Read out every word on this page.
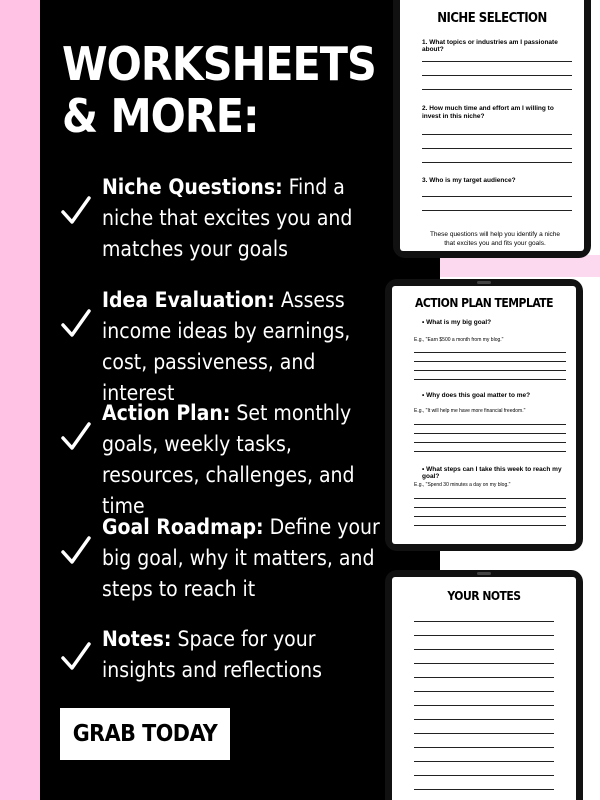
WORKSHEETS & MORE:

Niche Questions: Find a niche that excites you and matches your goals

Idea Evaluation: Assess income ideas by earnings, cost, passiveness, and interest

Action Plan: Set monthly goals, weekly tasks, resources, challenges, and time

Goal Roadmap: Define your big goal, why it matters, and steps to reach it

Notes: Space for your insights and reflections

GRAB TODAY
NICHE SELECTION
1. What topics or industries am I passionate about?
2. How much time and effort am I willing to invest in this niche?
3. Who is my target audience?
These questions will help you identify a niche that excites you and fits your goals.
ACTION PLAN TEMPLATE
• What is my big goal?
E.g., "Earn $500 a month from my blog."
• Why does this goal matter to me?
E.g., "It will help me have more financial freedom."
• What steps can I take this week to reach my goal?
E.g., "Spend 30 minutes a day on my blog."
YOUR NOTES
